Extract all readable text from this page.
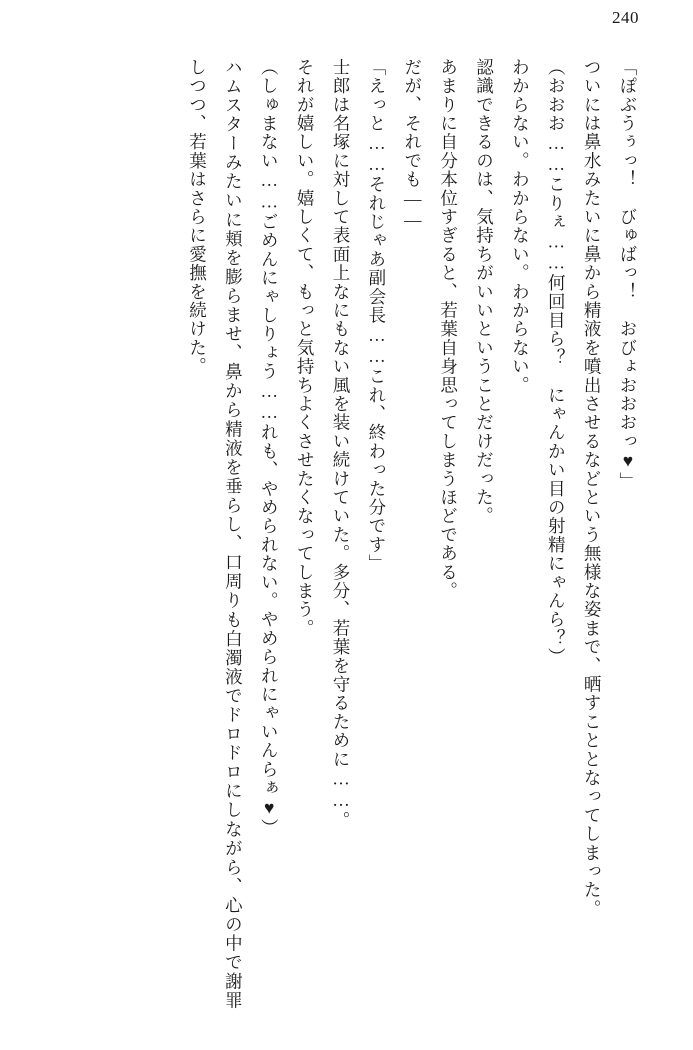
240

「ぽぶうぅっ！　びゅばっ！　おびょおおおっ♥」

ついには鼻水みたいに鼻から精液を噴出させるなどという無様な姿まで、晒すこととなってしまった。

（おおお……こりぇ……何回目ら？　にゃんかい目の射精にゃんら？）

わからない。わからない。わからない。

認識できるのは、気持ちがいいということだけだった。

あまりに自分本位すぎると、若葉自身思ってしまうほどである。

だが、それでも――

「えっと……それじゃあ副会長……これ、終わった分です」

士郎は名塚に対して表面上なにもない風を装い続けていた。多分、若葉を守るために……。

それが嬉しい。嬉しくて、もっと気持ちよくさせたくなってしまう。

（しゅまない……ごめんにゃしりょう……れも、やめられない。やめられにゃいんらぁ♥）

ハムスターみたいに頬を膨らませ、鼻から精液を垂らし、口周りも白濁液でドロドロにしながら、心の中で謝罪しつつ、若葉はさらに愛撫を続けた。
